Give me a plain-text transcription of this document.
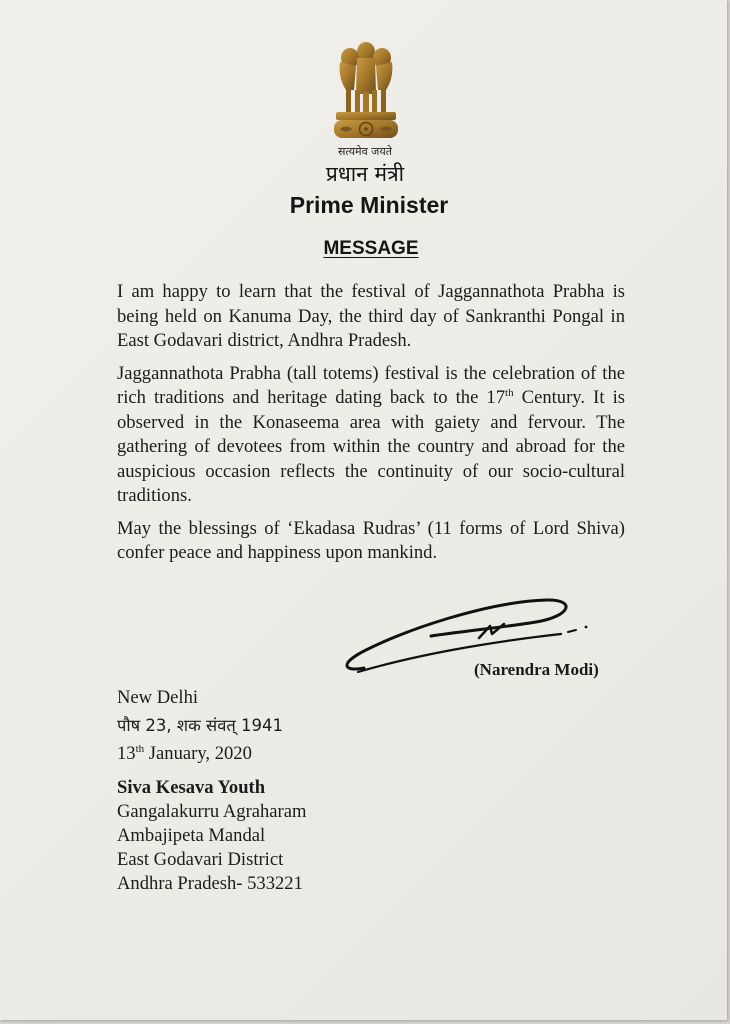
सत्यमेव जयते
प्रधान मंत्री
Prime Minister
MESSAGE

I am happy to learn that the festival of Jaggannathota Prabha is being held on Kanuma Day, the third day of Sankranthi Pongal in East Godavari district, Andhra Pradesh.

Jaggannathota Prabha (tall totems) festival is the celebration of the rich traditions and heritage dating back to the 17th Century. It is observed in the Konaseema area with gaiety and fervour. The gathering of devotees from within the country and abroad for the auspicious occasion reflects the continuity of our socio-cultural traditions.

May the blessings of ‘Ekadasa Rudras’ (11 forms of Lord Shiva) confer peace and happiness upon mankind.

(Narendra Modi)
New Delhi
पौष 23, शक संवत् 1941
13th January, 2020
Siva Kesava Youth
Gangalakurru Agraharam
Ambajipeta Mandal
East Godavari District
Andhra Pradesh- 533221
